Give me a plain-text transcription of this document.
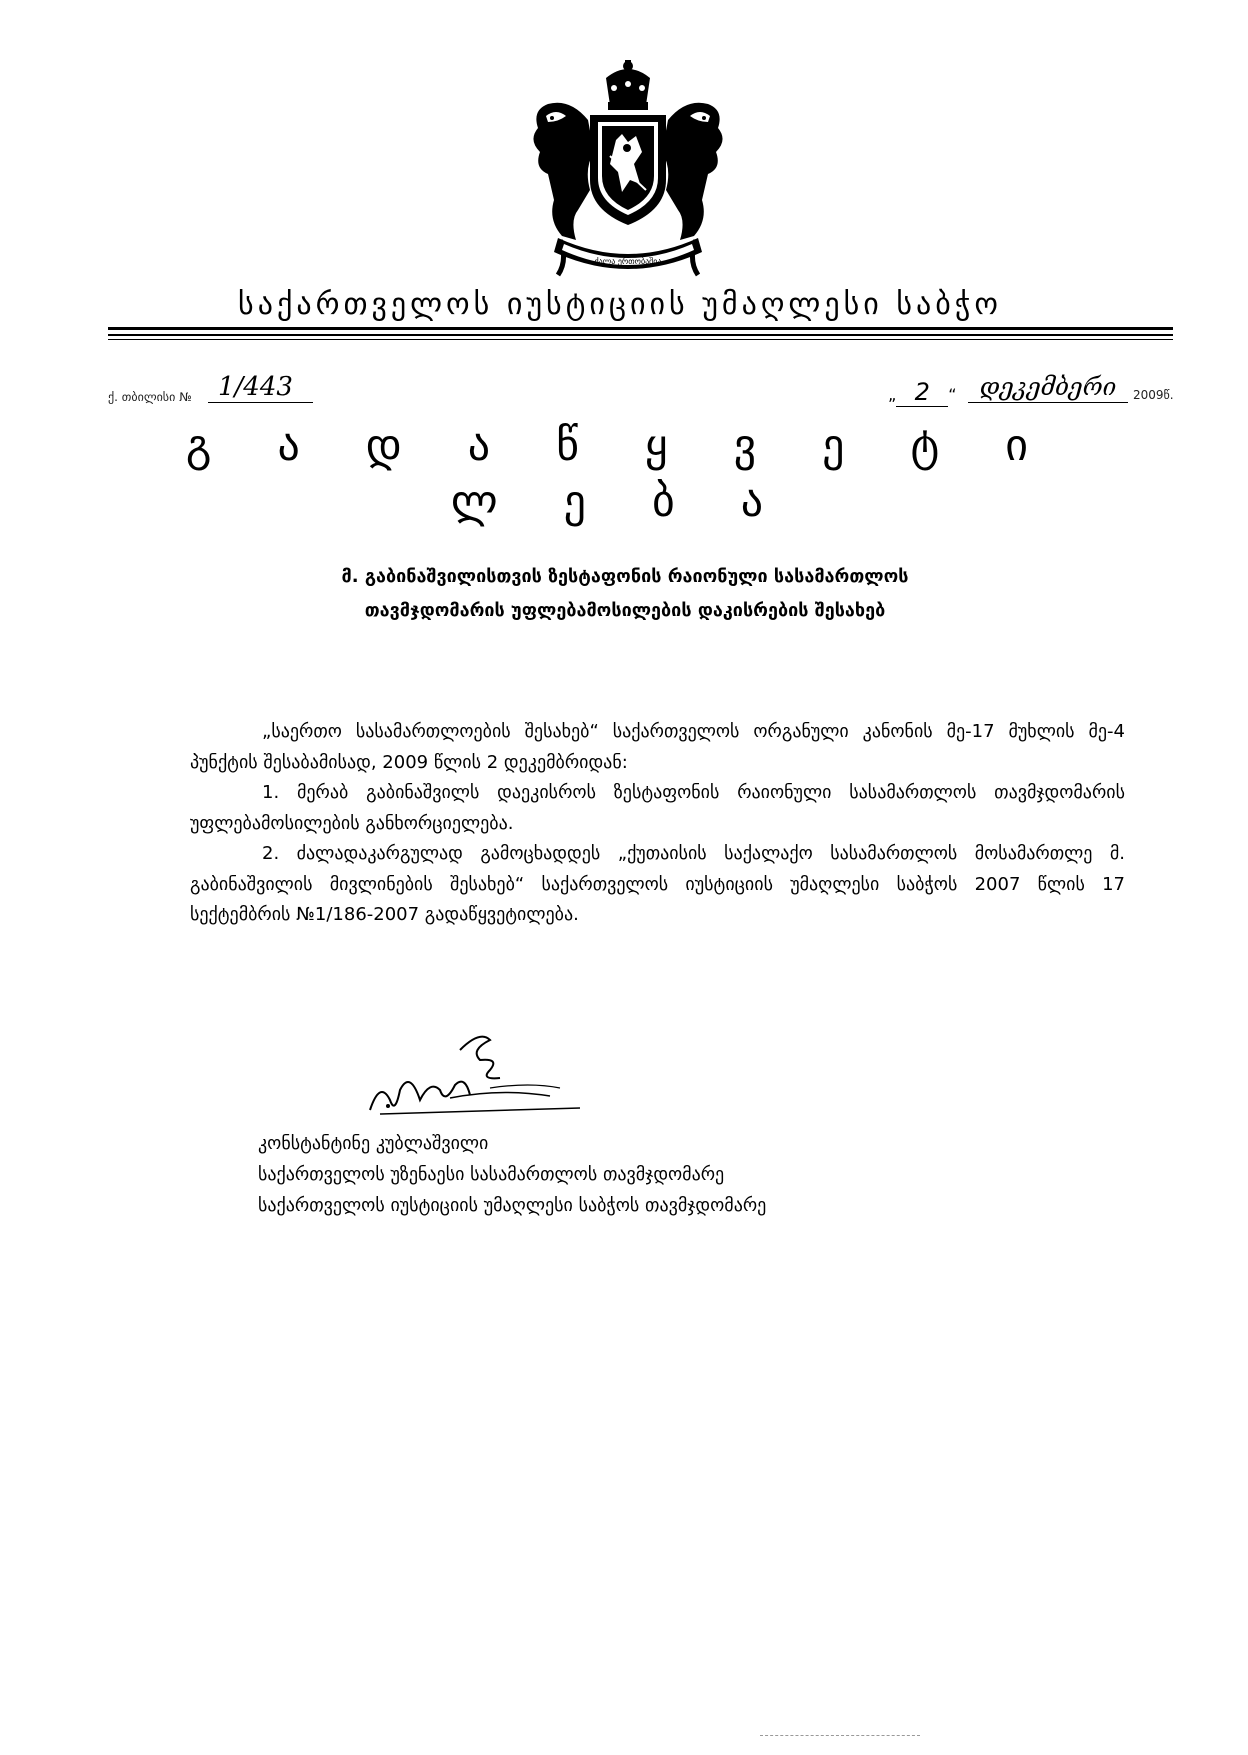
ძალა ერთობაშია
საქართველოს იუსტიციის უმაღლესი საბჭო
ქ. თბილისი №	1/443	„ 2 “ დეკემბერი	2009წ.
გ ა დ ა წ ყ ვ ე ტ ი ლ ე ბ ა
მ. გაბინაშვილისთვის ზესტაფონის რაიონული სასამართლოს
თავმჯდომარის უფლებამოსილების დაკისრების შესახებ

„საერთო სასამართლოების შესახებ“ საქართველოს ორგანული კანონის მე-17 მუხლის მე-4 პუნქტის შესაბამისად, 2009 წლის 2 დეკემბრიდან:

1. მერაბ გაბინაშვილს დაეკისროს ზესტაფონის რაიონული სასამართლოს თავმჯდომარის უფლებამოსილების განხორციელება.

2. ძალადაკარგულად გამოცხადდეს „ქუთაისის საქალაქო სასამართლოს მოსამართლე მ. გაბინაშვილის მივლინების შესახებ“ საქართველოს იუსტიციის უმაღლესი საბჭოს 2007 წლის 17 სექტემბრის №1/186-2007 გადაწყვეტილება.

კონსტანტინე კუბლაშვილი
საქართველოს უზენაესი სასამართლოს თავმჯდომარე
საქართველოს იუსტიციის უმაღლესი საბჭოს თავმჯდომარე
